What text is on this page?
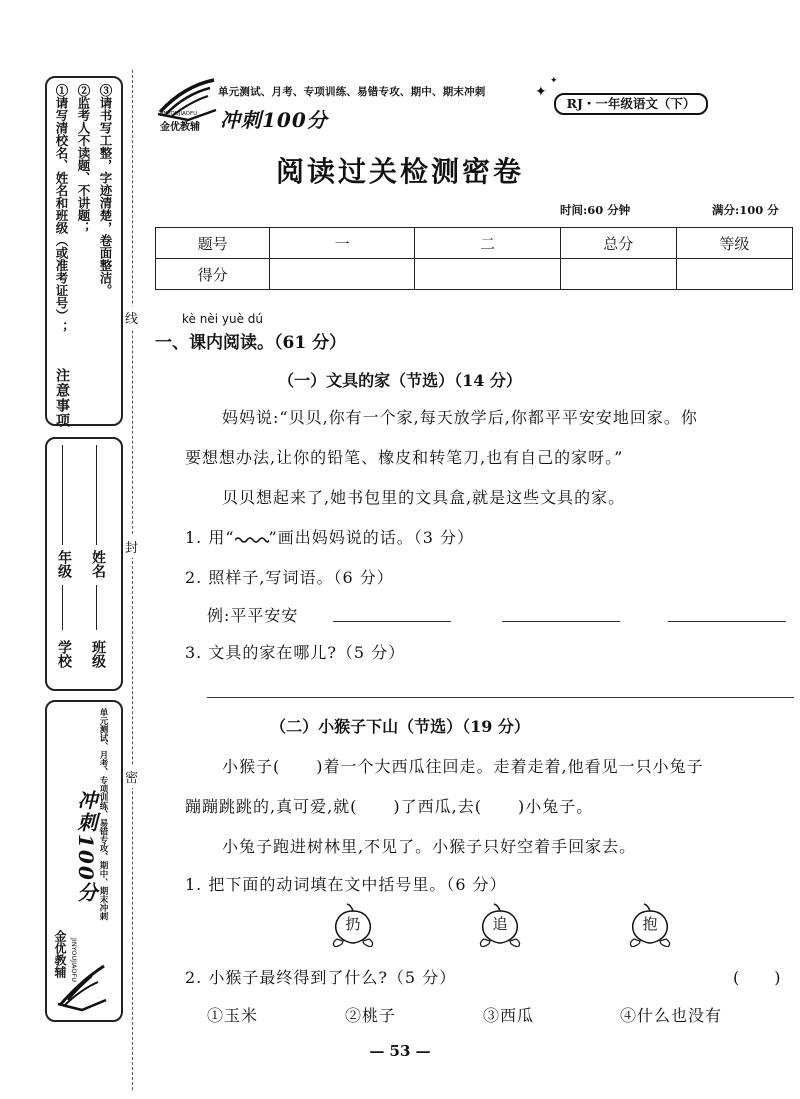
注意事项
①请写清校名、姓名和班级（或准考证号）； ②监考人不读题、不讲题； ③请书写工整，字迹清楚，卷面整洁。
年级
学校
姓名
班级
单元测试、月考、专项训练、易错专攻、期中、期末冲刺
冲刺100分
金优教辅 JINYOUJIAOFU
线
封
密
金优教辅
JINYOUJIAOFU
单元测试、月考、专项训练、易错专攻、期中、期末冲刺
冲刺100分
✦
✦
RJ・一年级语文（下）
阅读过关检测密卷
时间:60 分钟	满分:100 分
题号	一	二	总分	等级
得分				
kè nèi yuè dú
一、课内阅读。（61 分）
（一）文具的家（节选）（14 分）
妈妈说:“贝贝,你有一个家,每天放学后,你都平平安安地回家。你
要想想办法,让你的铅笔、橡皮和转笔刀,也有自己的家呀。”
贝贝想起来了,她书包里的文具盒,就是这些文具的家。
1. 用“ ”画出妈妈说的话。（3 分）
2. 照样子,写词语。（6 分）
例:平平安安
3. 文具的家在哪儿?（5 分）
（二）小猴子下山（节选）（19 分）
小猴子( )着一个大西瓜往回走。走着走着,他看见一只小兔子
蹦蹦跳跳的,真可爱,就( )了西瓜,去( )小兔子。
小兔子跑进树林里,不见了。小猴子只好空着手回家去。
1. 把下面的动词填在文中括号里。（6 分）
扔	追	抱
2. 小猴子最终得到了什么?（5 分）	(　　)
①玉米	②桃子	③西瓜	④什么也没有
— 53 —
